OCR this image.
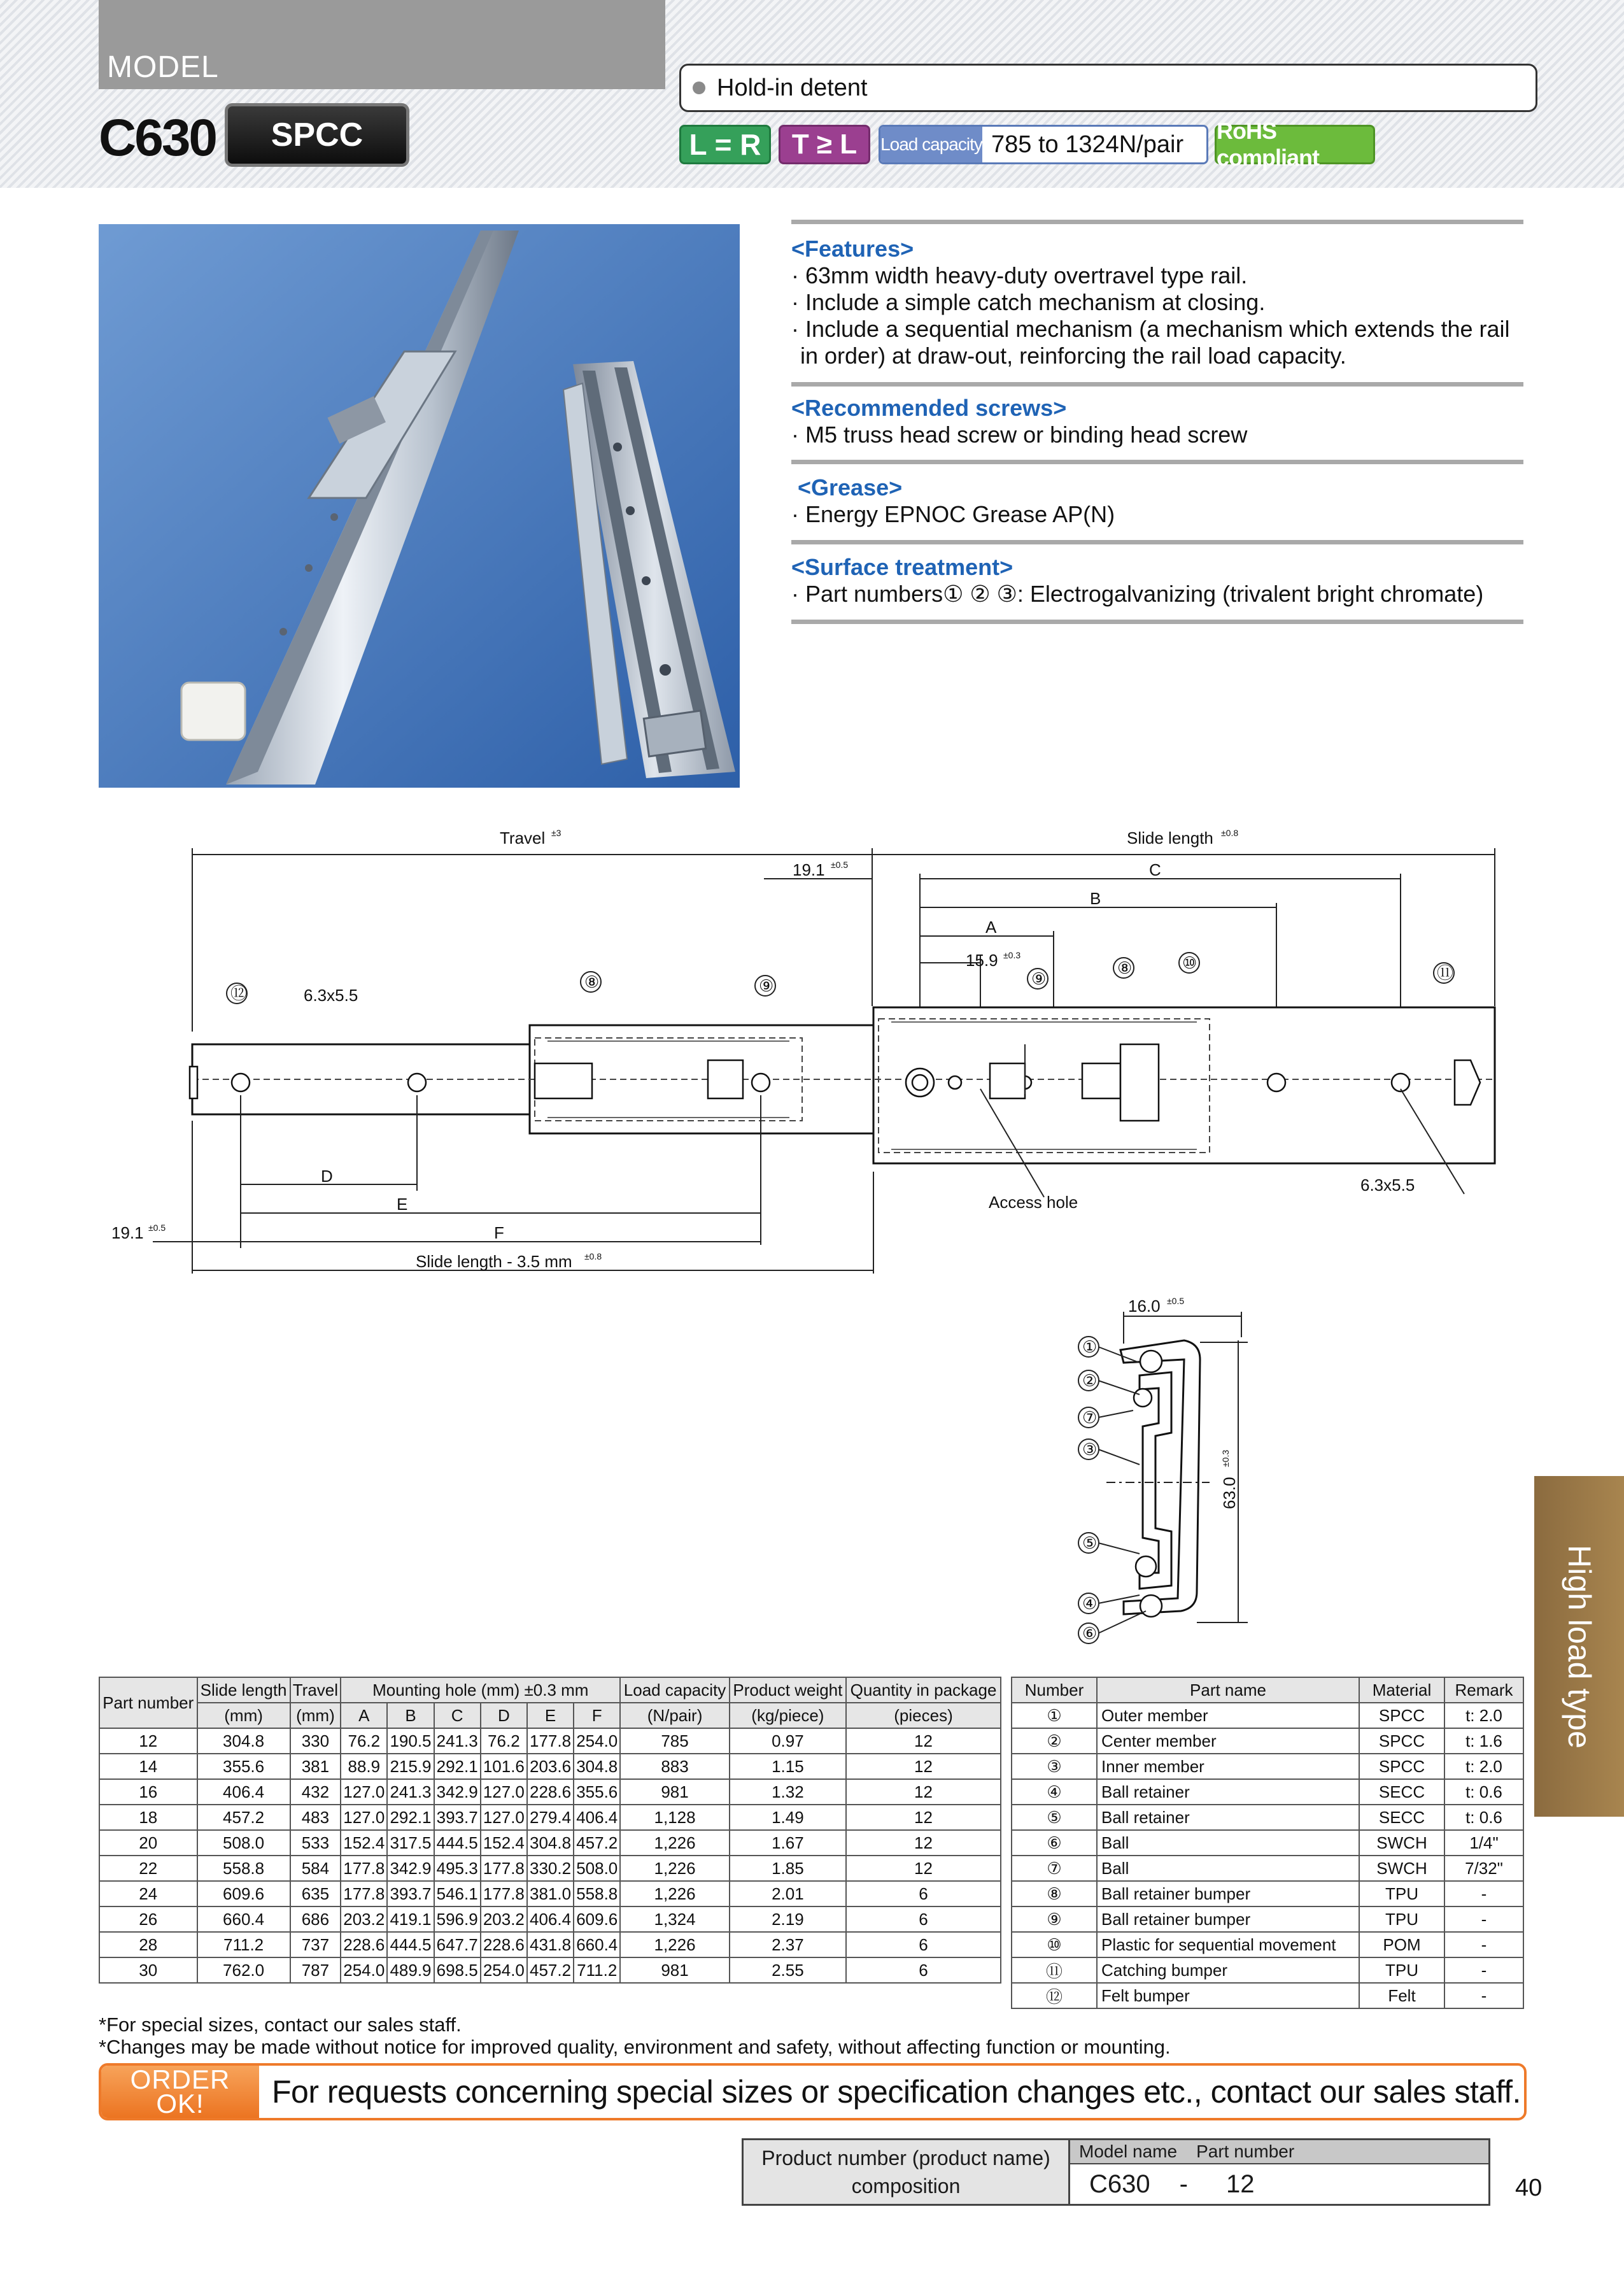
MODEL
C630	SPCC
Hold-in detent
L = R	T ≥ L	Load capacity 785 to 1324N/pair RoHS compliant
<Features>
· 63mm width heavy-duty overtravel type rail.
· Include a simple catch mechanism at closing.
· Include a sequential mechanism (a mechanism which extends the rail in order) at draw-out, reinforcing the rail load capacity.
<Recommended screws>
· M5 truss head screw or binding head screw
<Grease>
· Energy EPNOC Grease AP(N)
<Surface treatment>
· Part numbers① ② ③: Electrogalvanizing (trivalent bright chromate)
Travel ±3	Slide length ±0.8
19.1 ±0.5	C
B
A
15.9 ±0.3
6.3x5.5
6.3x5.5
Access hole
D
E
F
19.1 ±0.5
Slide length - 3.5 mm ±0.8
16.0 ±0.5
63.0
±0.3
⑫
⑧	⑨	⑨
⑧	⑩
⑪
①
②
⑦
③
⑤
④
⑥
Part number	Slide length	Travel	Mounting hole (mm) ±0.3 mm						Load capacity	Product weight	Quantity in package
	(mm)	(mm)	A	B	C	D	E	F	(N/pair)	(kg/piece)	(pieces)
12	304.8	330	76.2	190.5	241.3	76.2	177.8	254.0	785	0.97	12
14	355.6	381	88.9	215.9	292.1	101.6	203.6	304.8	883	1.15	12
16	406.4	432	127.0	241.3	342.9	127.0	228.6	355.6	981	1.32	12
18	457.2	483	127.0	292.1	393.7	127.0	279.4	406.4	1,128	1.49	12
20	508.0	533	152.4	317.5	444.5	152.4	304.8	457.2	1,226	1.67	12
22	558.8	584	177.8	342.9	495.3	177.8	330.2	508.0	1,226	1.85	12
24	609.6	635	177.8	393.7	546.1	177.8	381.0	558.8	1,226	2.01	6
26	660.4	686	203.2	419.1	596.9	203.2	406.4	609.6	1,324	2.19	6
28	711.2	737	228.6	444.5	647.7	228.6	431.8	660.4	1,226	2.37	6
30	762.0	787	254.0	489.9	698.5	254.0	457.2	711.2	981	2.55	6
Number	Part name	Material	Remark
①	Outer member	SPCC	t: 2.0
②	Center member	SPCC	t: 1.6
③	Inner member	SPCC	t: 2.0
④	Ball retainer	SECC	t: 0.6
⑤	Ball retainer	SECC	t: 0.6
⑥	Ball	SWCH	1/4"
⑦	Ball	SWCH	7/32"
⑧	Ball retainer bumper	TPU	-
⑨	Ball retainer bumper	TPU	-
⑩	Plastic for sequential movement	POM	-
⑪	Catching bumper	TPU	-
⑫	Felt bumper	Felt	-
*For special sizes, contact our sales staff.
*Changes may be made without notice for improved quality, environment and safety, without affecting function or mounting.
ORDER
OK!	For requests concerning special sizes or specification changes etc., contact our sales staff.
Product number (product name) composition
Model name Part number
C630 - 12	40
High load type
